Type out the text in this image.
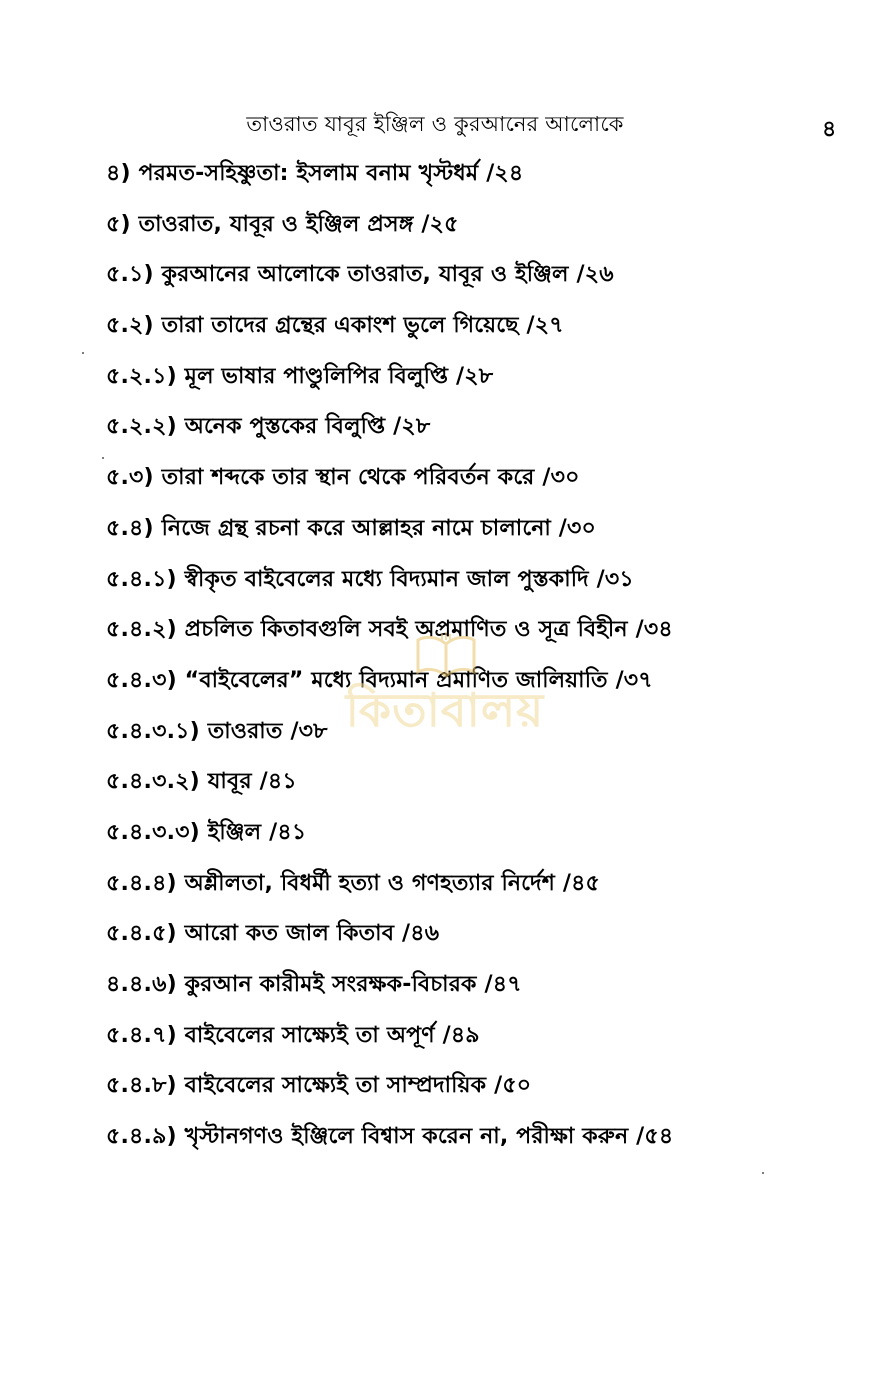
তাওরাত যাবূর ইঞ্জিল ও কুরআনের আলোকে	৪
৪) পরমত-সহিষ্ণুতা: ইসলাম বনাম খৃস্টধর্ম /২৪
৫) তাওরাত, যাবূর ও ইঞ্জিল প্রসঙ্গ /২৫
৫.১) কুরআনের আলোকে তাওরাত, যাবূর ও ইঞ্জিল /২৬
৫.২) তারা তাদের গ্রন্থের একাংশ ভুলে গিয়েছে /২৭
৫.২.১) মূল ভাষার পাণ্ডুলিপির বিলুপ্তি /২৮
৫.২.২) অনেক পুস্তকের বিলুপ্তি /২৮
৫.৩) তারা শব্দকে তার স্থান থেকে পরিবর্তন করে /৩০
৫.৪) নিজে গ্রন্থ রচনা করে আল্লাহর নামে চালানো /৩০
৫.৪.১) স্বীকৃত বাইবেলের মধ্যে বিদ্যমান জাল পুস্তকাদি /৩১
৫.৪.২) প্রচলিত কিতাবগুলি সবই অপ্রমাণিত ও সূত্র বিহীন /৩৪
৫.৪.৩) “বাইবেলের” মধ্যে বিদ্যমান প্রমাণিত জালিয়াতি /৩৭
৫.৪.৩.১) তাওরাত /৩৮
৫.৪.৩.২) যাবূর /৪১
৫.৪.৩.৩) ইঞ্জিল /৪১
৫.৪.৪) অশ্লীলতা, বিধর্মী হত্যা ও গণহত্যার নির্দেশ /৪৫
৫.৪.৫) আরো কত জাল কিতাব /৪৬
৪.৪.৬) কুরআন কারীমই সংরক্ষক-বিচারক /৪৭
৫.৪.৭) বাইবেলের সাক্ষ্যেই তা অপূর্ণ /৪৯
৫.৪.৮) বাইবেলের সাক্ষ্যেই তা সাম্প্রদায়িক /৫০
৫.৪.৯) খৃস্টানগণও ইঞ্জিলে বিশ্বাস করেন না, পরীক্ষা করুন /৫৪
কিতাবালয়
